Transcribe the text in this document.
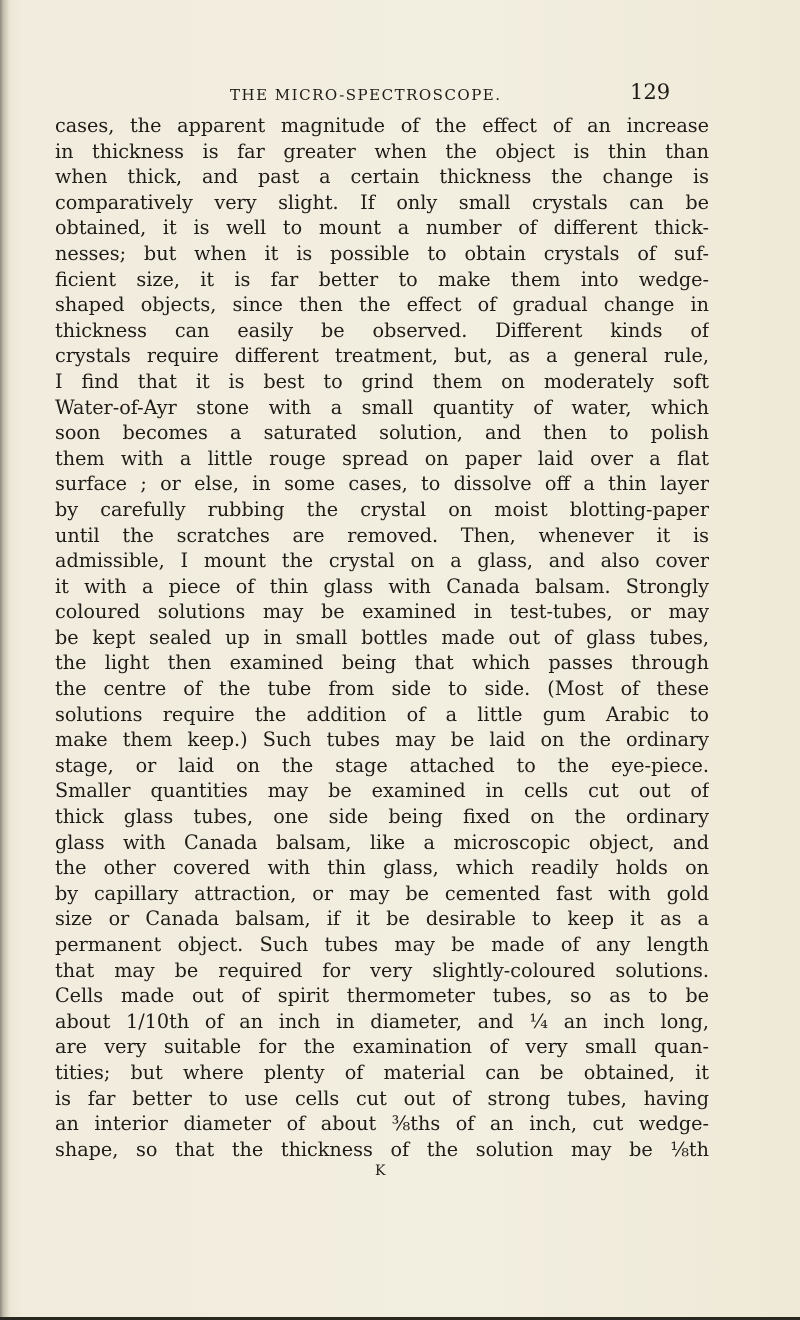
THE MICRO-SPECTROSCOPE.	129
cases, the apparent magnitude of the effect of an increase
in thickness is far greater when the object is thin than
when thick, and past a certain thickness the change is
comparatively very slight. If only small crystals can be
obtained, it is well to mount a number of different thick-
nesses; but when it is possible to obtain crystals of suf-
ficient size, it is far better to make them into wedge-
shaped objects, since then the effect of gradual change in
thickness can easily be observed. Different kinds of
crystals require different treatment, but, as a general rule,
I find that it is best to grind them on moderately soft
Water-of-Ayr stone with a small quantity of water, which
soon becomes a saturated solution, and then to polish
them with a little rouge spread on paper laid over a flat
surface ; or else, in some cases, to dissolve off a thin layer
by carefully rubbing the crystal on moist blotting-paper
until the scratches are removed. Then, whenever it is
admissible, I mount the crystal on a glass, and also cover
it with a piece of thin glass with Canada balsam. Strongly
coloured solutions may be examined in test-tubes, or may
be kept sealed up in small bottles made out of glass tubes,
the light then examined being that which passes through
the centre of the tube from side to side. (Most of these
solutions require the addition of a little gum Arabic to
make them keep.) Such tubes may be laid on the ordinary
stage, or laid on the stage attached to the eye-piece.
Smaller quantities may be examined in cells cut out of
thick glass tubes, one side being fixed on the ordinary
glass with Canada balsam, like a microscopic object, and
the other covered with thin glass, which readily holds on
by capillary attraction, or may be cemented fast with gold
size or Canada balsam, if it be desirable to keep it as a
permanent object. Such tubes may be made of any length
that may be required for very slightly-coloured solutions.
Cells made out of spirit thermometer tubes, so as to be
about 1/10th of an inch in diameter, and ¼ an inch long,
are very suitable for the examination of very small quan-
tities; but where plenty of material can be obtained, it
is far better to use cells cut out of strong tubes, having
an interior diameter of about ⅜ths of an inch, cut wedge-
shape, so that the thickness of the solution may be ⅛th
K
